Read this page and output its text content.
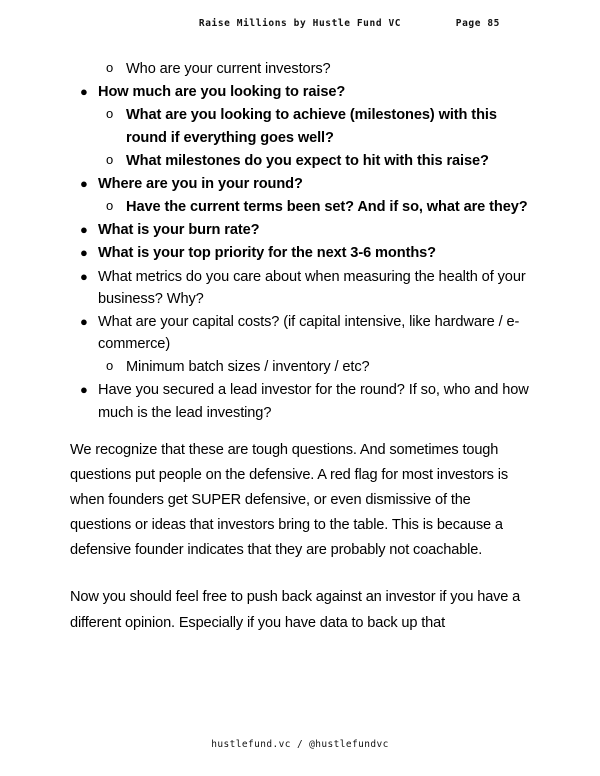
Raise Millions by Hustle Fund VC	Page 85
o Who are your current investors?
● How much are you looking to raise?
o What are you looking to achieve (milestones) with this round if everything goes well?
o What milestones do you expect to hit with this raise?
● Where are you in your round?
o Have the current terms been set? And if so, what are they?
● What is your burn rate?
● What is your top priority for the next 3-6 months?
● What metrics do you care about when measuring the health of your business? Why?
● What are your capital costs? (if capital intensive, like hardware / e-commerce)
o Minimum batch sizes / inventory / etc?
● Have you secured a lead investor for the round? If so, who and how much is the lead investing?

We recognize that these are tough questions. And sometimes tough questions put people on the defensive. A red flag for most investors is when founders get SUPER defensive, or even dismissive of the questions or ideas that investors bring to the table. This is because a defensive founder indicates that they are probably not coachable.

Now you should feel free to push back against an investor if you have a different opinion. Especially if you have data to back up that

hustlefund.vc / @hustlefundvc
